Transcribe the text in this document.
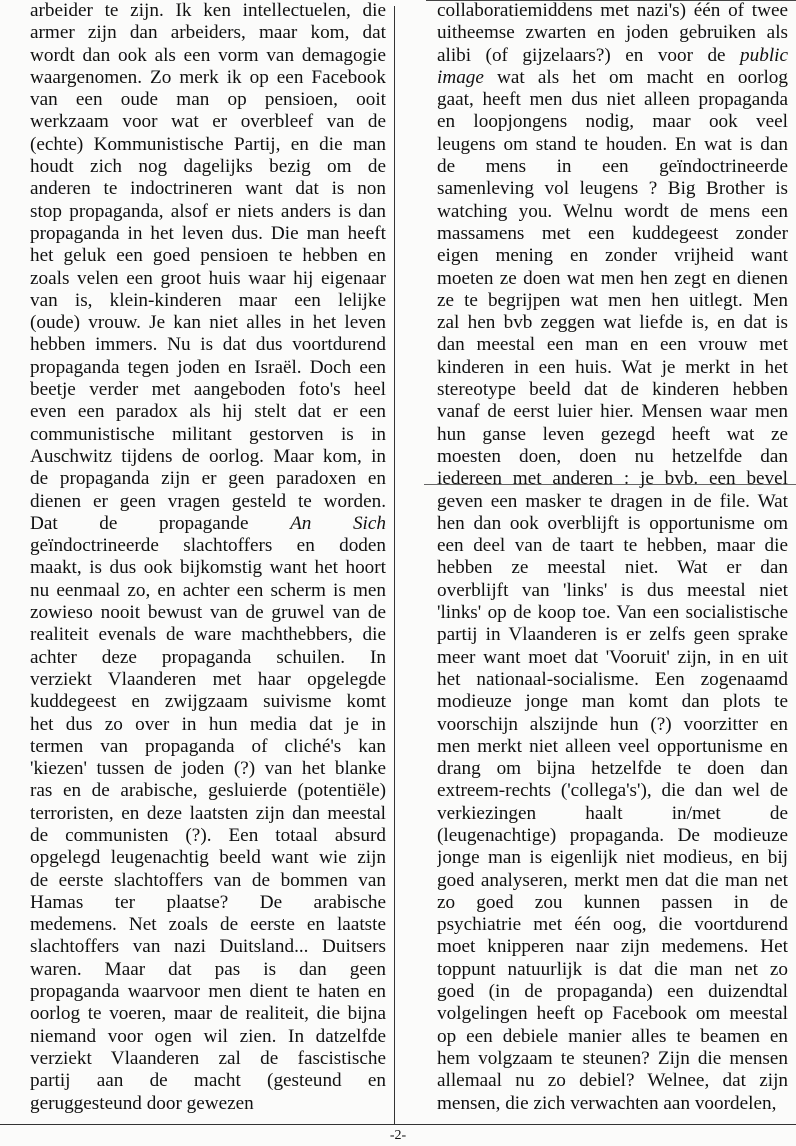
arbeider te zijn. Ik ken intellectuelen, die
armer zijn dan arbeiders, maar kom, dat
wordt dan ook als een vorm van demagogie
waargenomen. Zo merk ik op een Facebook
van een oude man op pensioen, ooit
werkzaam voor wat er overbleef van de
(echte) Kommunistische Partij, en die man
houdt zich nog dagelijks bezig om de
anderen te indoctrineren want dat is non
stop propaganda, alsof er niets anders is dan
propaganda in het leven dus. Die man heeft
het geluk een goed pensioen te hebben en
zoals velen een groot huis waar hij eigenaar
van is, klein-kinderen maar een lelijke
(oude) vrouw. Je kan niet alles in het leven
hebben immers. Nu is dat dus voortdurend
propaganda tegen joden en Israël. Doch een
beetje verder met aangeboden foto's heel
even een paradox als hij stelt dat er een
communistische militant gestorven is in
Auschwitz tijdens de oorlog. Maar kom, in
de propaganda zijn er geen paradoxen en
dienen er geen vragen gesteld te worden.
Dat de propagande An Sich
geïndoctrineerde slachtoffers en doden
maakt, is dus ook bijkomstig want het hoort
nu eenmaal zo, en achter een scherm is men
zowieso nooit bewust van de gruwel van de
realiteit evenals de ware machthebbers, die
achter deze propaganda schuilen. In
verziekt Vlaanderen met haar opgelegde
kuddegeest en zwijgzaam suivisme komt
het dus zo over in hun media dat je in
termen van propaganda of cliché's kan
'kiezen' tussen de joden (?) van het blanke
ras en de arabische, gesluierde (potentiële)
terroristen, en deze laatsten zijn dan meestal
de communisten (?). Een totaal absurd
opgelegd leugenachtig beeld want wie zijn
de eerste slachtoffers van de bommen van
Hamas ter plaatse? De arabische
medemens. Net zoals de eerste en laatste
slachtoffers van nazi Duitsland... Duitsers
waren. Maar dat pas is dan geen
propaganda waarvoor men dient te haten en
oorlog te voeren, maar de realiteit, die bijna
niemand voor ogen wil zien. In datzelfde
verziekt Vlaanderen zal de fascistische
partij aan de macht (gesteund en
geruggesteund door gewezen
collaboratiemiddens met nazi's) één of twee
uitheemse zwarten en joden gebruiken als
alibi (of gijzelaars?) en voor de public
image wat als het om macht en oorlog
gaat, heeft men dus niet alleen propaganda
en loopjongens nodig, maar ook veel
leugens om stand te houden. En wat is dan
de mens in een geïndoctrineerde
samenleving vol leugens ? Big Brother is
watching you. Welnu wordt de mens een
massamens met een kuddegeest zonder
eigen mening en zonder vrijheid want
moeten ze doen wat men hen zegt en dienen
ze te begrijpen wat men hen uitlegt. Men
zal hen bvb zeggen wat liefde is, en dat is
dan meestal een man en een vrouw met
kinderen in een huis. Wat je merkt in het
stereotype beeld dat de kinderen hebben
vanaf de eerst luier hier. Mensen waar men
hun ganse leven gezegd heeft wat ze
moesten doen, doen nu hetzelfde dan
iedereen met anderen : je bvb. een bevel
geven een masker te dragen in de file. Wat
hen dan ook overblijft is opportunisme om
een deel van de taart te hebben, maar die
hebben ze meestal niet. Wat er dan
overblijft van 'links' is dus meestal niet
'links' op de koop toe. Van een socialistische
partij in Vlaanderen is er zelfs geen sprake
meer want moet dat 'Vooruit' zijn, in en uit
het nationaal-socialisme. Een zogenaamd
modieuze jonge man komt dan plots te
voorschijn alszijnde hun (?) voorzitter en
men merkt niet alleen veel opportunisme en
drang om bijna hetzelfde te doen dan
extreem-rechts ('collega's'), die dan wel de
verkiezingen haalt in/met de
(leugenachtige) propaganda. De modieuze
jonge man is eigenlijk niet modieus, en bij
goed analyseren, merkt men dat die man net
zo goed zou kunnen passen in de
psychiatrie met één oog, die voortdurend
moet knipperen naar zijn medemens. Het
toppunt natuurlijk is dat die man net zo
goed (in de propaganda) een duizendtal
volgelingen heeft op Facebook om meestal
op een debiele manier alles te beamen en
hem volgzaam te steunen? Zijn die mensen
allemaal nu zo debiel? Welnee, dat zijn
mensen, die zich verwachten aan voordelen,
-2-
